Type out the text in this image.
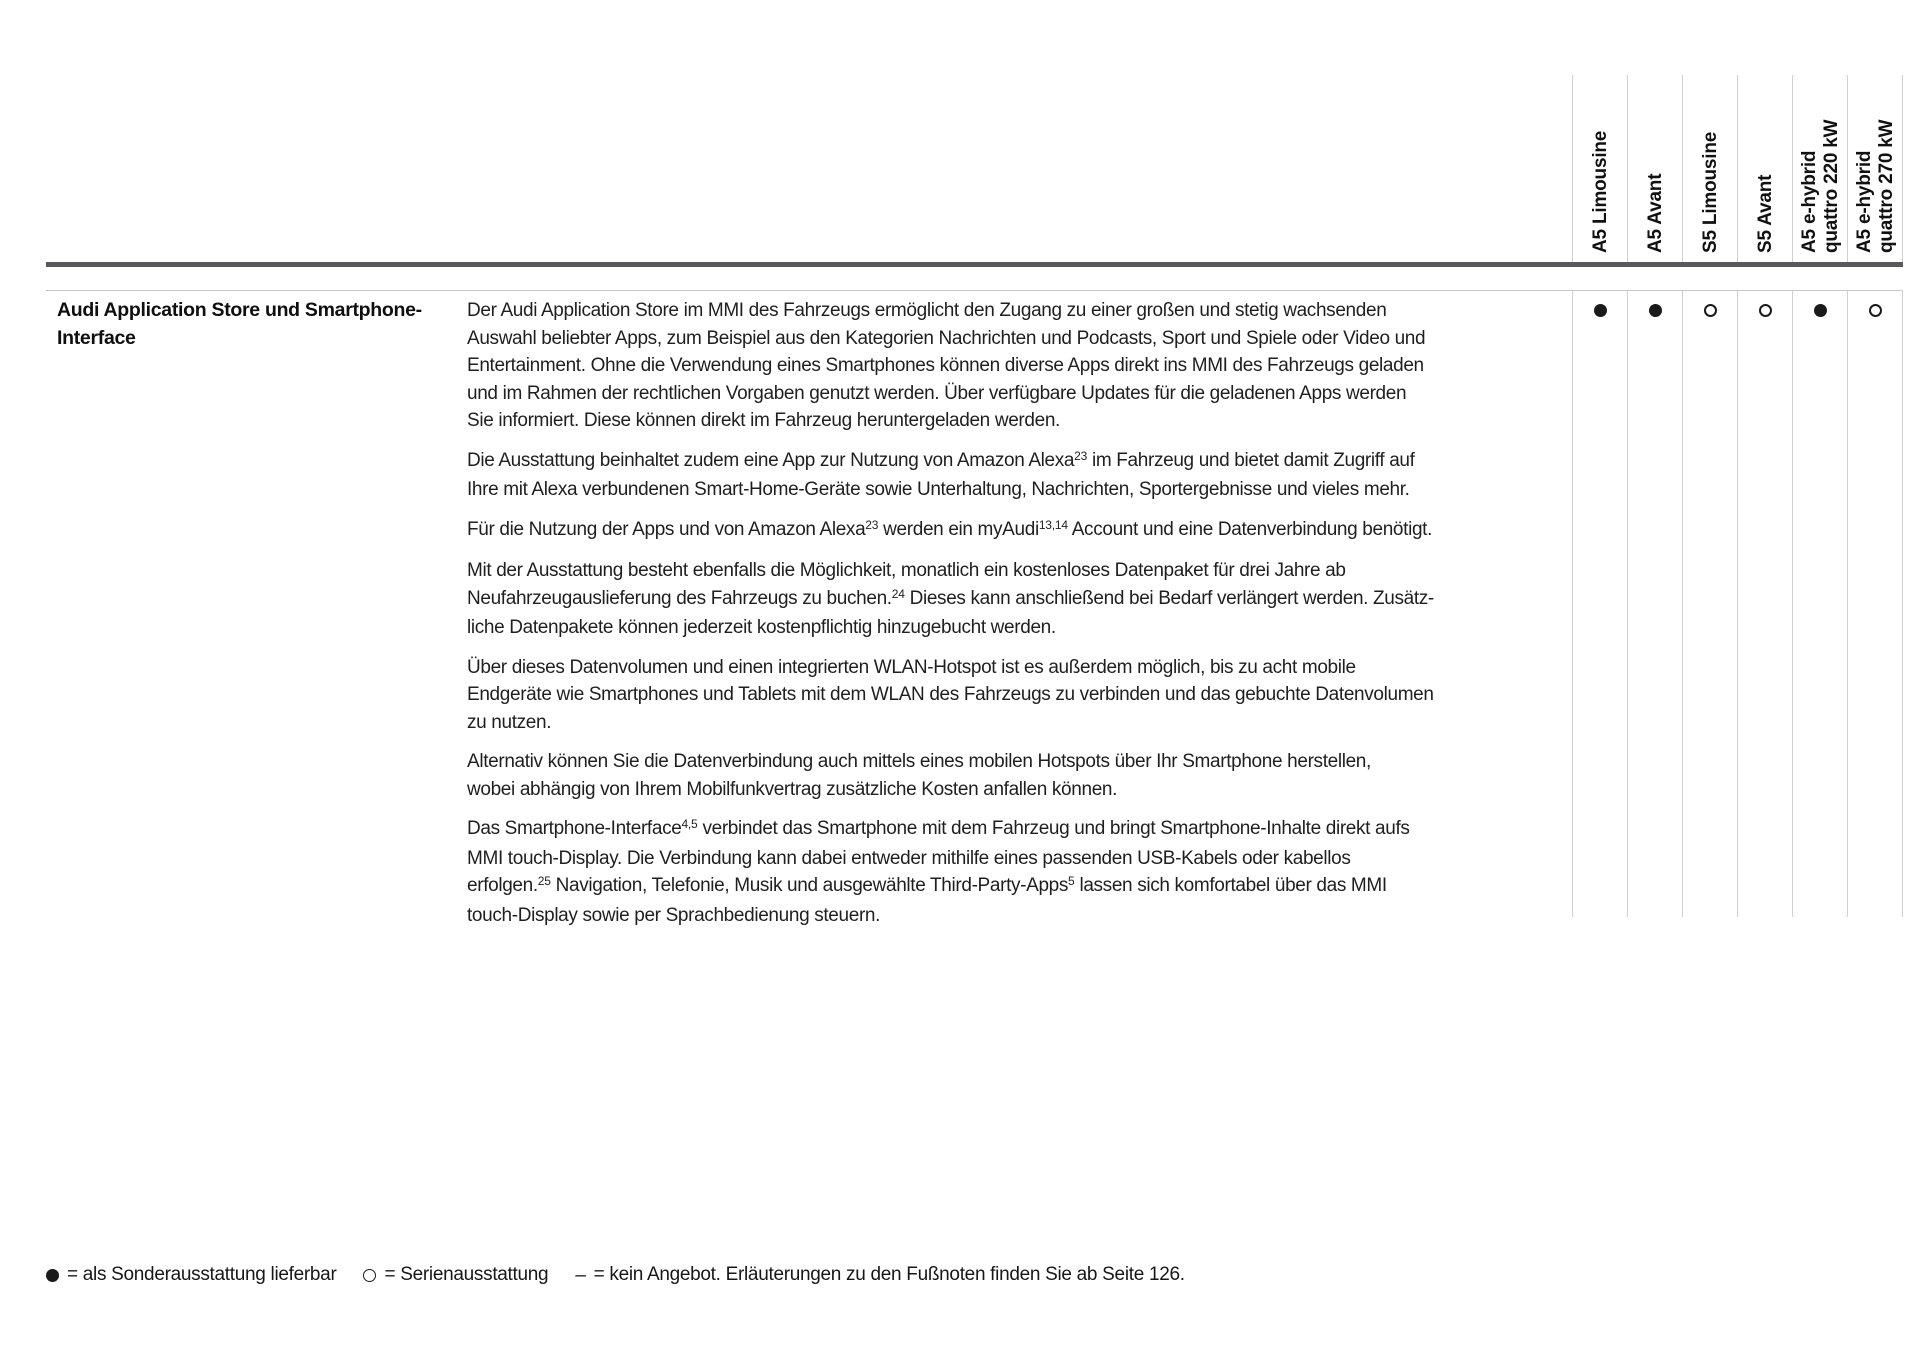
A5 Limousine A5 Avant S5 Limousine S5 Avant A5 e-hybrid quattro 220 kW A5 e-hybrid quattro 270 kW
Audi Application Store und Smartphone-
Interface
Der Audi Application Store im MMI des Fahrzeugs ermöglicht den Zugang zu einer großen und stetig wachsenden
Auswahl beliebter Apps, zum Beispiel aus den Kategorien Nachrichten und Podcasts, Sport und Spiele oder Video und
Entertainment. Ohne die Verwendung eines Smartphones können diverse Apps direkt ins MMI des Fahrzeugs geladen
und im Rahmen der rechtlichen Vorgaben genutzt werden. Über verfügbare Updates für die geladenen Apps werden
Sie informiert. Diese können direkt im Fahrzeug heruntergeladen werden.
Die Ausstattung beinhaltet zudem eine App zur Nutzung von Amazon Alexa$^{23}$ im Fahrzeug und bietet damit Zugriff auf
Ihre mit Alexa verbundenen Smart-Home-Geräte sowie Unterhaltung, Nachrichten, Sportergebnisse und vieles mehr.
Für die Nutzung der Apps und von Amazon Alexa$^{23}$ werden ein myAudi$^{13,14}$ Account und eine Datenverbindung benötigt.
Mit der Ausstattung besteht ebenfalls die Möglichkeit, monatlich ein kostenloses Datenpaket für drei Jahre ab
Neufahrzeugauslieferung des Fahrzeugs zu buchen.$^{24}$ Dieses kann anschließend bei Bedarf verlängert werden. Zusätz-
liche Datenpakete können jederzeit kostenpflichtig hinzugebucht werden.
Über dieses Datenvolumen und einen integrierten WLAN-Hotspot ist es außerdem möglich, bis zu acht mobile
Endgeräte wie Smartphones und Tablets mit dem WLAN des Fahrzeugs zu verbinden und das gebuchte Datenvolumen
zu nutzen.
Alternativ können Sie die Datenverbindung auch mittels eines mobilen Hotspots über Ihr Smartphone herstellen,
wobei abhängig von Ihrem Mobilfunkvertrag zusätzliche Kosten anfallen können.
Das Smartphone-Interface$^{4,5}$ verbindet das Smartphone mit dem Fahrzeug und bringt Smartphone-Inhalte direkt aufs
MMI touch-Display. Die Verbindung kann dabei entweder mithilfe eines passenden USB-Kabels oder kabellos
erfolgen.$^{25}$ Navigation, Telefonie, Musik und ausgewählte Third-Party-Apps$^5$ lassen sich komfortabel über das MMI
touch-Display sowie per Sprachbedienung steuern.
= als Sonderausstattung lieferbar	= Serienausstattung – = kein Angebot. Erläuterungen zu den Fußnoten finden Sie ab Seite 126.
